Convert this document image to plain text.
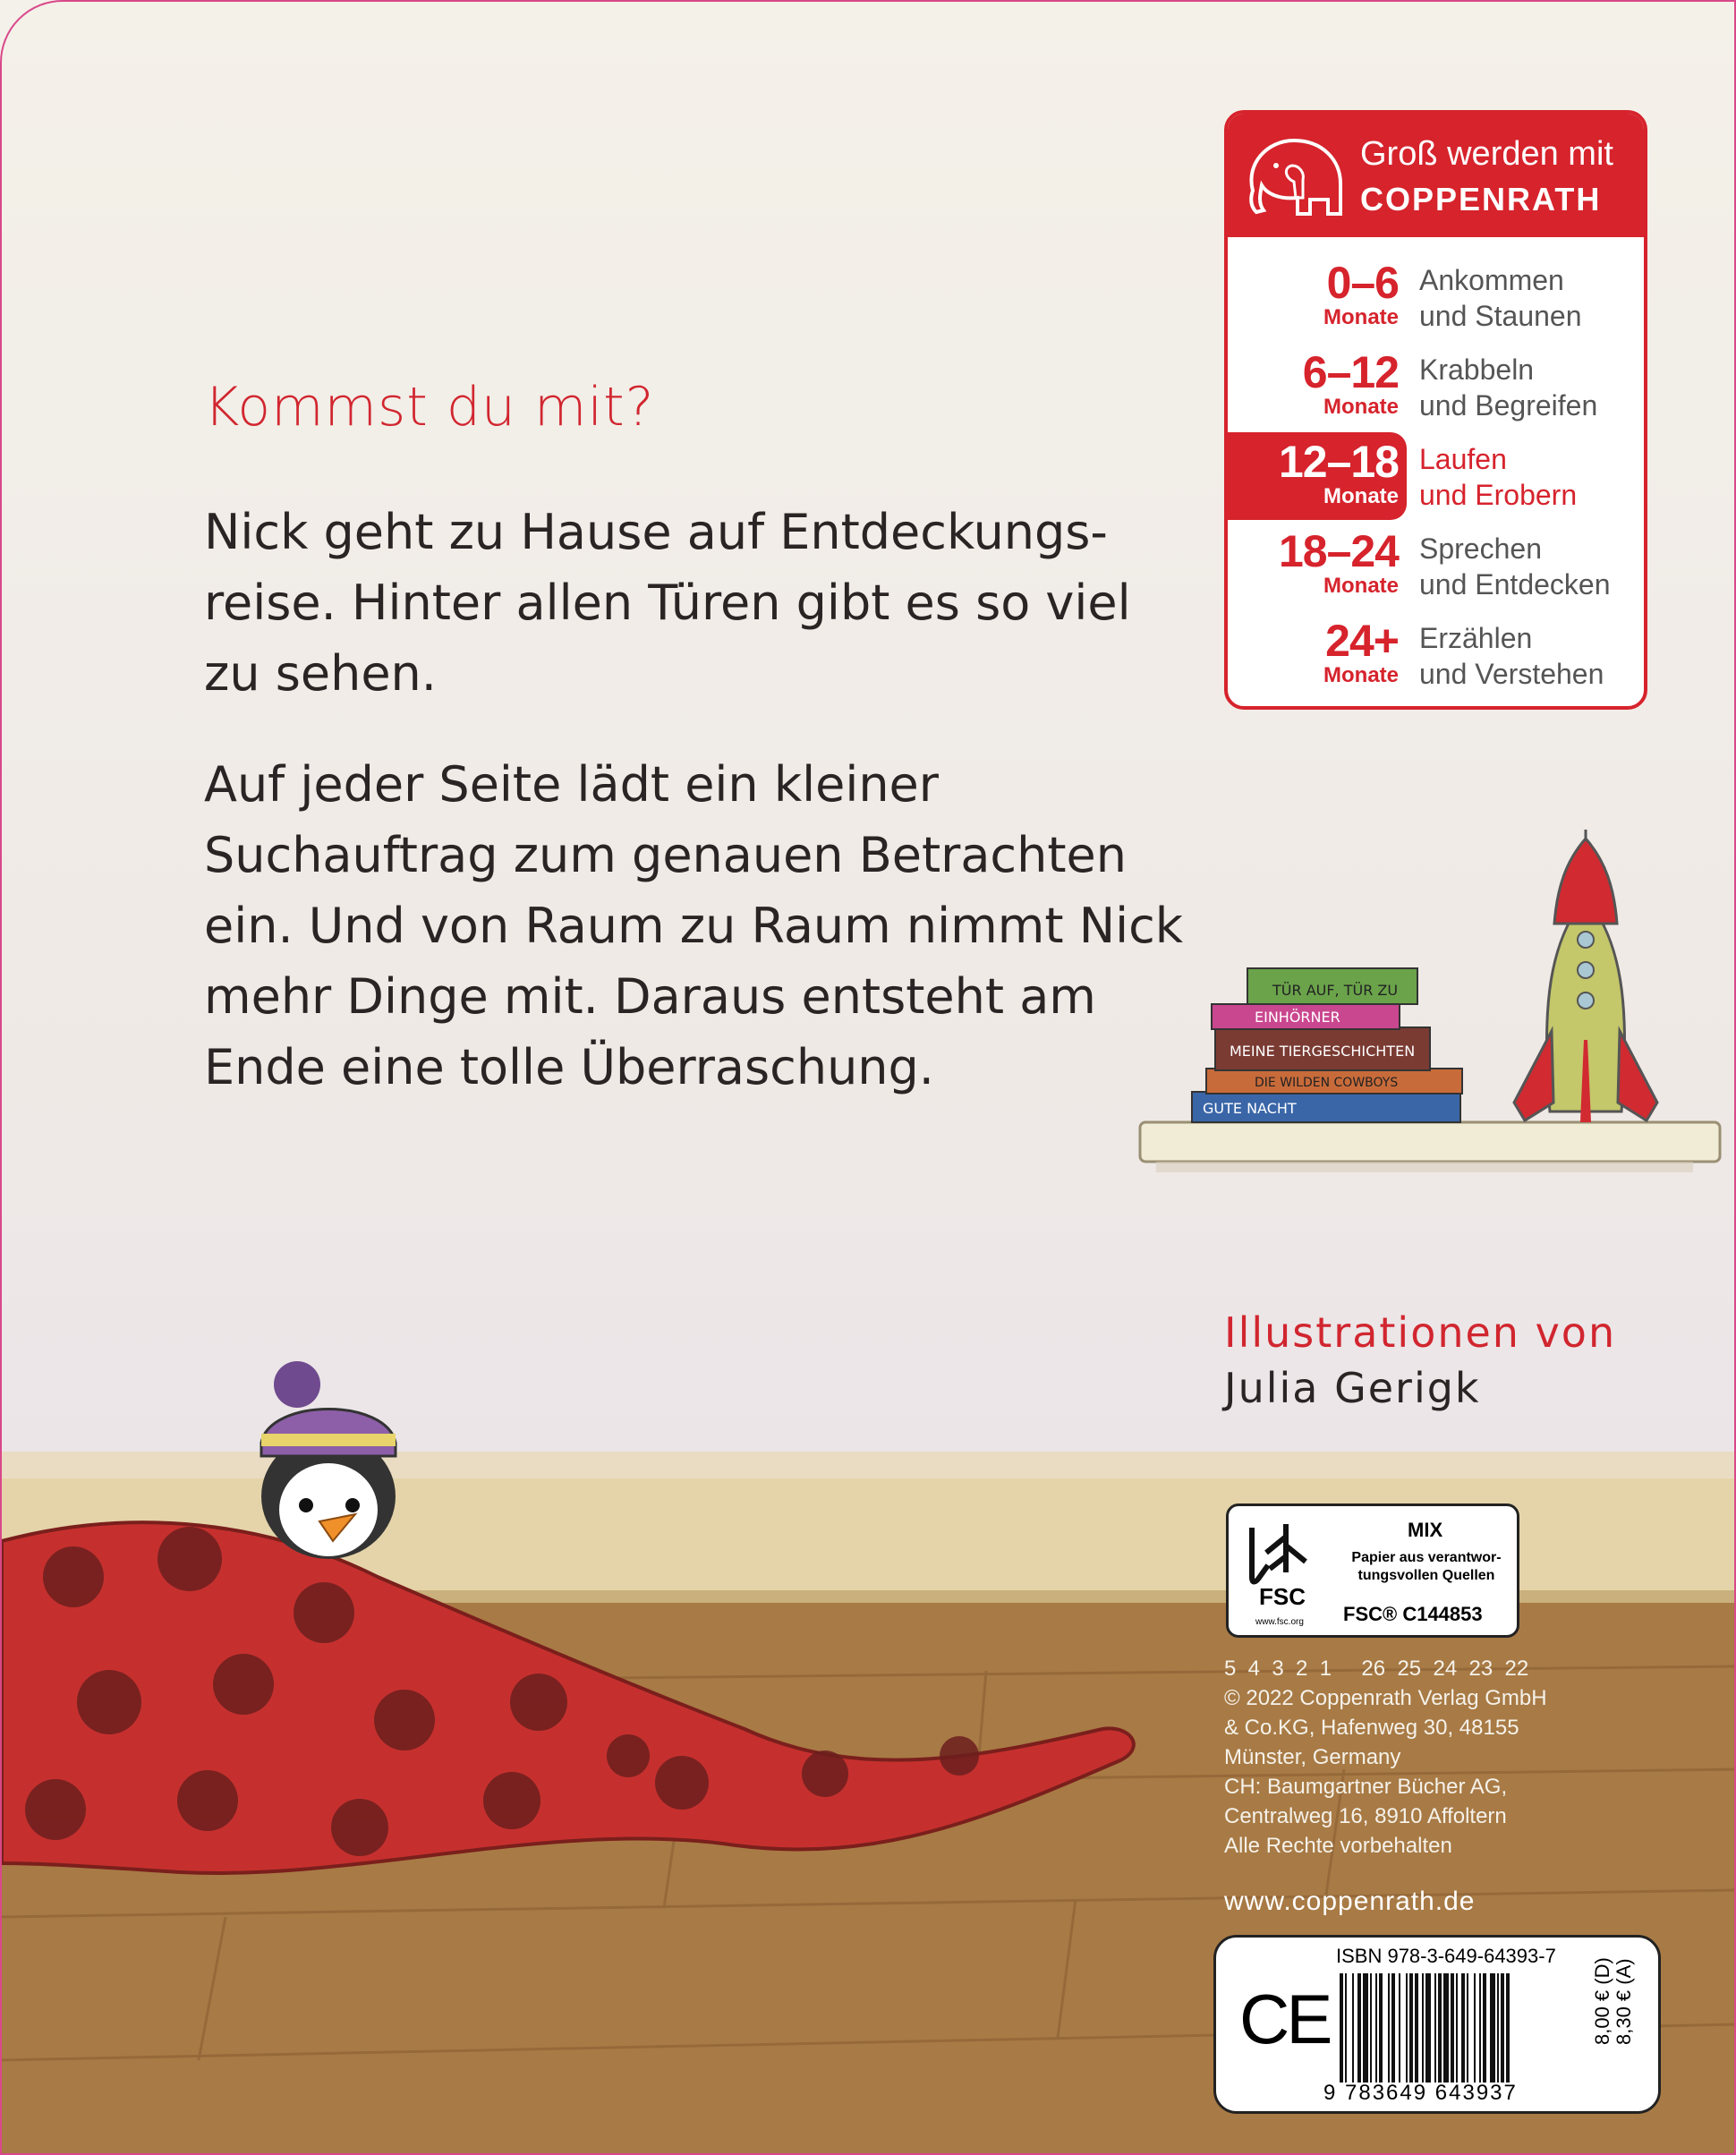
Kommst du mit?
Nick geht zu Hause auf Entdeckungs-
reise. Hinter allen Türen gibt es so viel
zu sehen.
Auf jeder Seite lädt ein kleiner
Suchauftrag zum genauen Betrachten
ein. Und von Raum zu Raum nimmt Nick
mehr Dinge mit. Daraus entsteht am
Ende eine tolle Überraschung.
Groß werden mit
COPPENRATH
0–6
Monate
Ankommen
und Staunen
6–12
Monate
Krabbeln
und Begreifen
12–18
Monate
Laufen
und Erobern
18–24
Monate
Sprechen
und Entdecken
24+
Monate
Erzählen
und Verstehen
TÜR AUF, TÜR ZU
EINHÖRNER
MEINE TIERGESCHICHTEN
DIE WILDEN COWBOYS
GUTE NACHT
Illustrationen von
Julia Gerigk
FSC
MIX
Papier aus verantwor-
tungsvollen Quellen
FSC® C144853
www.fsc.org
5  4  3  2  1     26  25  24  23  22
© 2022 Coppenrath Verlag GmbH
& Co.KG, Hafenweg 30, 48155
Münster, Germany
CH: Baumgartner Bücher AG,
Centralweg 16, 8910 Affoltern
Alle Rechte vorbehalten
www.coppenrath.de
CE
ISBN 978-3-649-64393-7
9 783649 643937
8,00 € (D) 8,30 € (A)
